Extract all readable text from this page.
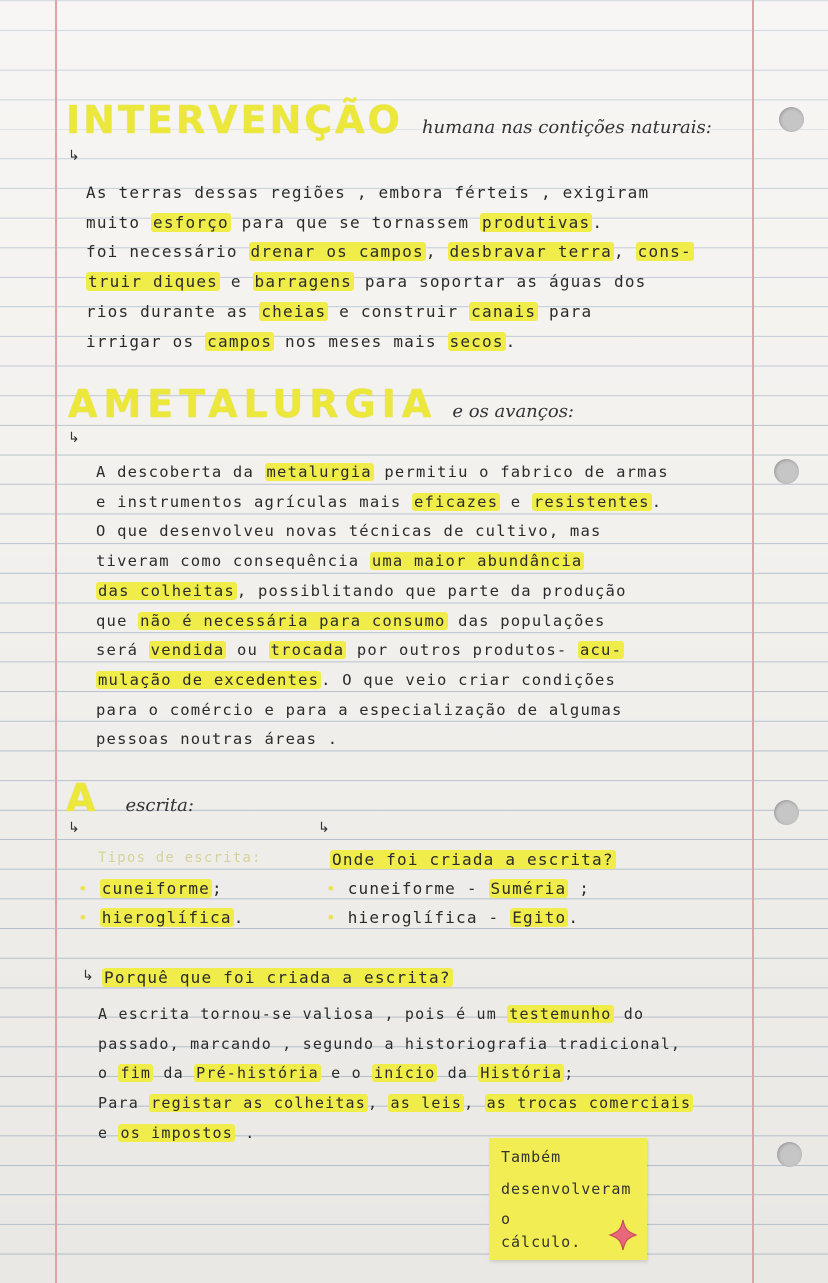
INTERVENÇÃO humana nas contições naturais:
↳
As terras dessas regiões , embora férteis , exigiram
muito esforço para que se tornassem produtivas .
foi necessário drenar os campos , desbravar terra , cons-
truir diques e barragens para soportar as águas dos
rios durante as cheias e construir canais para
irrigar os campos nos meses mais secos .
AMETALURGIA e os avanços:
↳
A descoberta da metalurgia permitiu o fabrico de armas
e instrumentos agrículas mais eficazes e resistentes .
O que desenvolveu novas técnicas de cultivo, mas
tiveram como consequência uma maior abundância
das colheitas , possiblitando que parte da produção
que não é necessária para consumo das populações
será vendida ou trocada por outros produtos- acu-
mulação de excedentes . O que veio criar condições
para o comércio e para a especialização de algumas
pessoas noutras áreas .
A escrita:
↳	↳
Tipos de escrita:
• cuneiforme ;
• hieroglífica .
Onde foi criada a escrita?
• cuneiforme - Suméria ;
• hieroglífica - Egito .
↳ Porquê que foi criada a escrita?
A escrita tornou-se valiosa , pois é um testemunho do
passado, marcando , segundo a historiografia tradicional,
o fim da Pré-história e o início da História ;
Para registar as colheitas , as leis , as trocas comerciais
e os impostos .
Também
desenvolveram
o
cálculo.
